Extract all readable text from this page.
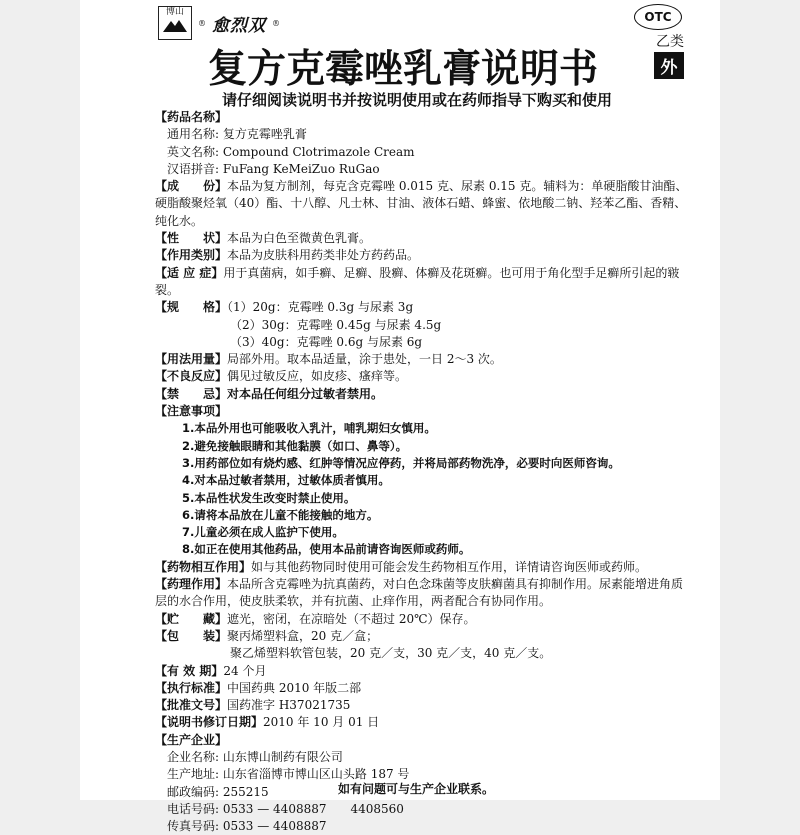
博山
® 愈烈双 ®	OTC
乙类
外
复方克霉唑乳膏说明书
请仔细阅读说明书并按说明使用或在药师指导下购买和使用
【药品名称】
通用名称: 复方克霉唑乳膏
英文名称: Compound Clotrimazole Cream
汉语拼音: FuFang KeMeiZuo RuGao
【成　　份】本品为复方制剂，每克含克霉唑 0.015 克、尿素 0.15 克。辅料为：单硬脂酸甘油酯、硬脂酸聚烃氧（40）酯、十八醇、凡士林、甘油、液体石蜡、蜂蜜、依地酸二钠、羟苯乙酯、香精、纯化水。
【性　　状】本品为白色至微黄色乳膏。
【作用类别】本品为皮肤科用药类非处方药药品。
【适 应 症】用于真菌病，如手癣、足癣、股癣、体癣及花斑癣。也可用于角化型手足癣所引起的皲裂。
【规　　格】（1）20g：克霉唑 0.3g 与尿素 3g
（2）30g：克霉唑 0.45g 与尿素 4.5g
（3）40g：克霉唑 0.6g 与尿素 6g
【用法用量】局部外用。取本品适量，涂于患处，一日 2～3 次。
【不良反应】偶见过敏反应，如皮疹、瘙痒等。
【禁　　忌】对本品任何组分过敏者禁用。
【注意事项】
1.本品外用也可能吸收入乳汁，哺乳期妇女慎用。
2.避免接触眼睛和其他黏膜（如口、鼻等）。
3.用药部位如有烧灼感、红肿等情况应停药，并将局部药物洗净，必要时向医师咨询。
4.对本品过敏者禁用，过敏体质者慎用。
5.本品性状发生改变时禁止使用。
6.请将本品放在儿童不能接触的地方。
7.儿童必须在成人监护下使用。
8.如正在使用其他药品，使用本品前请咨询医师或药师。
【药物相互作用】如与其他药物同时使用可能会发生药物相互作用，详情请咨询医师或药师。
【药理作用】本品所含克霉唑为抗真菌药，对白色念珠菌等皮肤癣菌具有抑制作用。尿素能增进角质层的水合作用，使皮肤柔软，并有抗菌、止痒作用，两者配合有协同作用。
【贮　　藏】遮光，密闭，在凉暗处（不超过 20℃）保存。
【包　　装】聚丙烯塑料盒，20 克／盒；
聚乙烯塑料软管包装，20 克／支，30 克／支，40 克／支。
【有 效 期】24 个月
【执行标准】中国药典 2010 年版二部
【批准文号】国药准字 H37021735
【说明书修订日期】2010 年 10 月 01 日
【生产企业】
企业名称: 山东博山制药有限公司
生产地址: 山东省淄博市博山区山头路 187 号
邮政编码: 255215
电话号码: 0533 — 4408887　　4408560
传真号码: 0533 — 4408887
如有问题可与生产企业联系。
